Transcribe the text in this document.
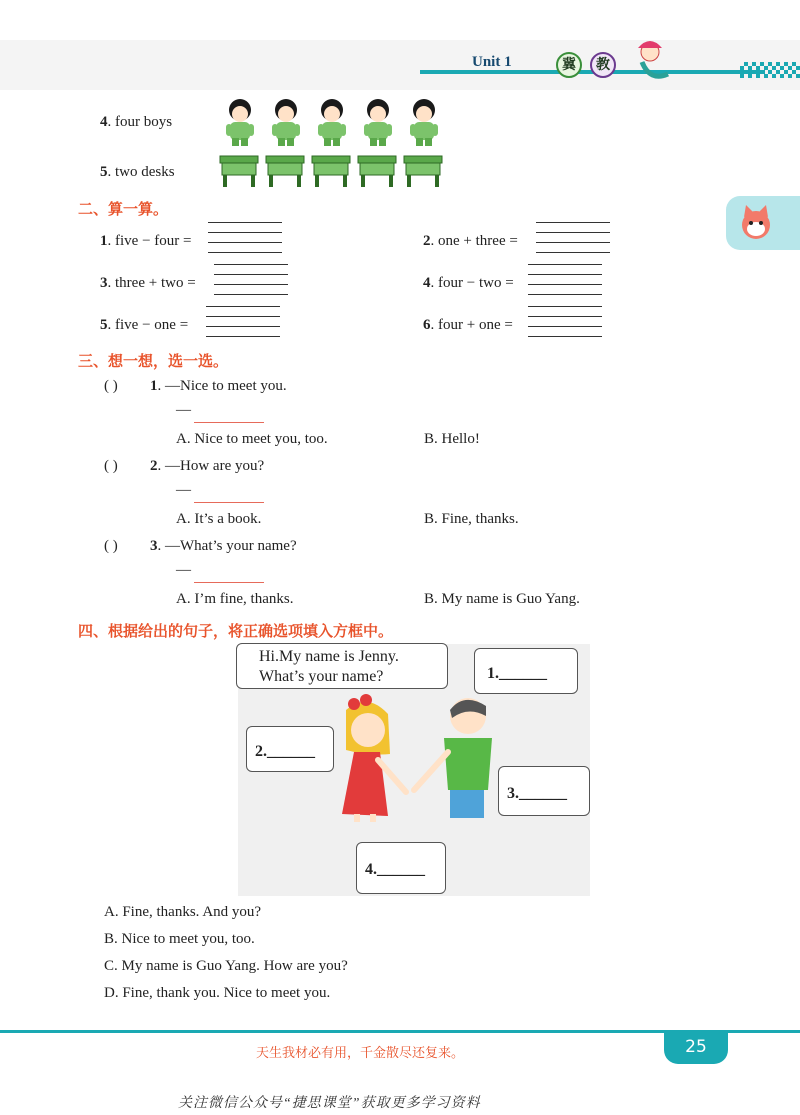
Unit 1	冀	教
4. four boys
5. two desks
二、算一算。
1. five − four =	2. one + three =
3. three + two =	4. four − two =
5. five − one =	6. four + one =
三、想一想，选一选。
( ) 1. —Nice to meet you.
—
A. Nice to meet you, too.	B. Hello!
( ) 2. —How are you?
—
A. It’s a book.	B. Fine, thanks.
( ) 3. —What’s your name?
—
A. I’m fine, thanks.	B. My name is Guo Yang.
四、根据给出的句子，将正确选项填入方框中。
Hi.My name is Jenny.
What’s your name?	1.______
2.______
3.______
4.______
A. Fine, thanks. And you?
B. Nice to meet you, too.
C. My name is Guo Yang. How are you?
D. Fine, thank you. Nice to meet you.
天生我材必有用，千金散尽还复来。	25
关注微信公众号“捷思课堂”获取更多学习资料
